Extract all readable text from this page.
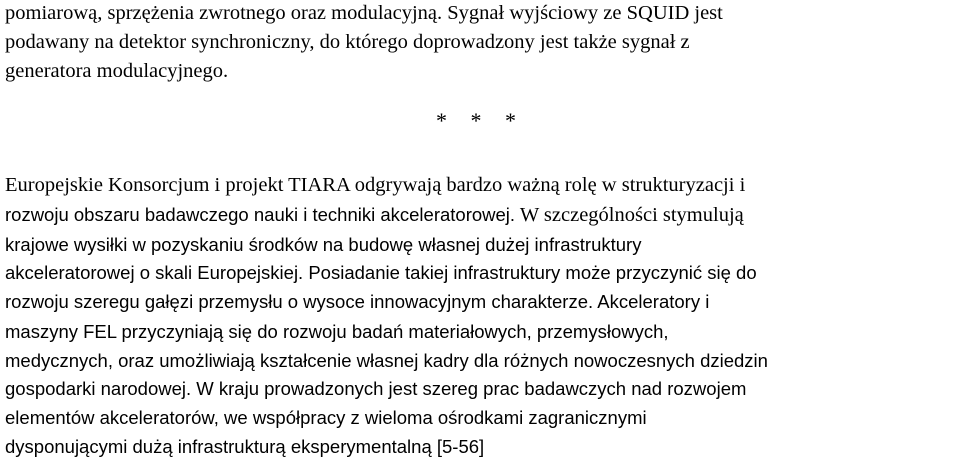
pomiarową, sprzężenia zwrotnego oraz modulacyjną. Sygnał wyjściowy ze SQUID jest
podawany na detektor synchroniczny, do którego doprowadzony jest także sygnał z
generatora modulacyjnego.
* * *
Europejskie Konsorcjum i projekt TIARA odgrywają bardzo ważną rolę w strukturyzacji i
rozwoju obszaru badawczego nauki i techniki akceleratorowej. W szczególności stymulują
krajowe wysiłki w pozyskaniu środków na budowę własnej dużej infrastruktury
akceleratorowej o skali Europejskiej. Posiadanie takiej infrastruktury może przyczynić się do
rozwoju szeregu gałęzi przemysłu o wysoce innowacyjnym charakterze. Akceleratory i
maszyny FEL przyczyniają się do rozwoju badań materiałowych, przemysłowych,
medycznych, oraz umożliwiają kształcenie własnej kadry dla różnych nowoczesnych dziedzin
gospodarki narodowej. W kraju prowadzonych jest szereg prac badawczych nad rozwojem
elementów akceleratorów, we współpracy z wieloma ośrodkami zagranicznymi
dysponującymi dużą infrastrukturą eksperymentalną [5-56]
